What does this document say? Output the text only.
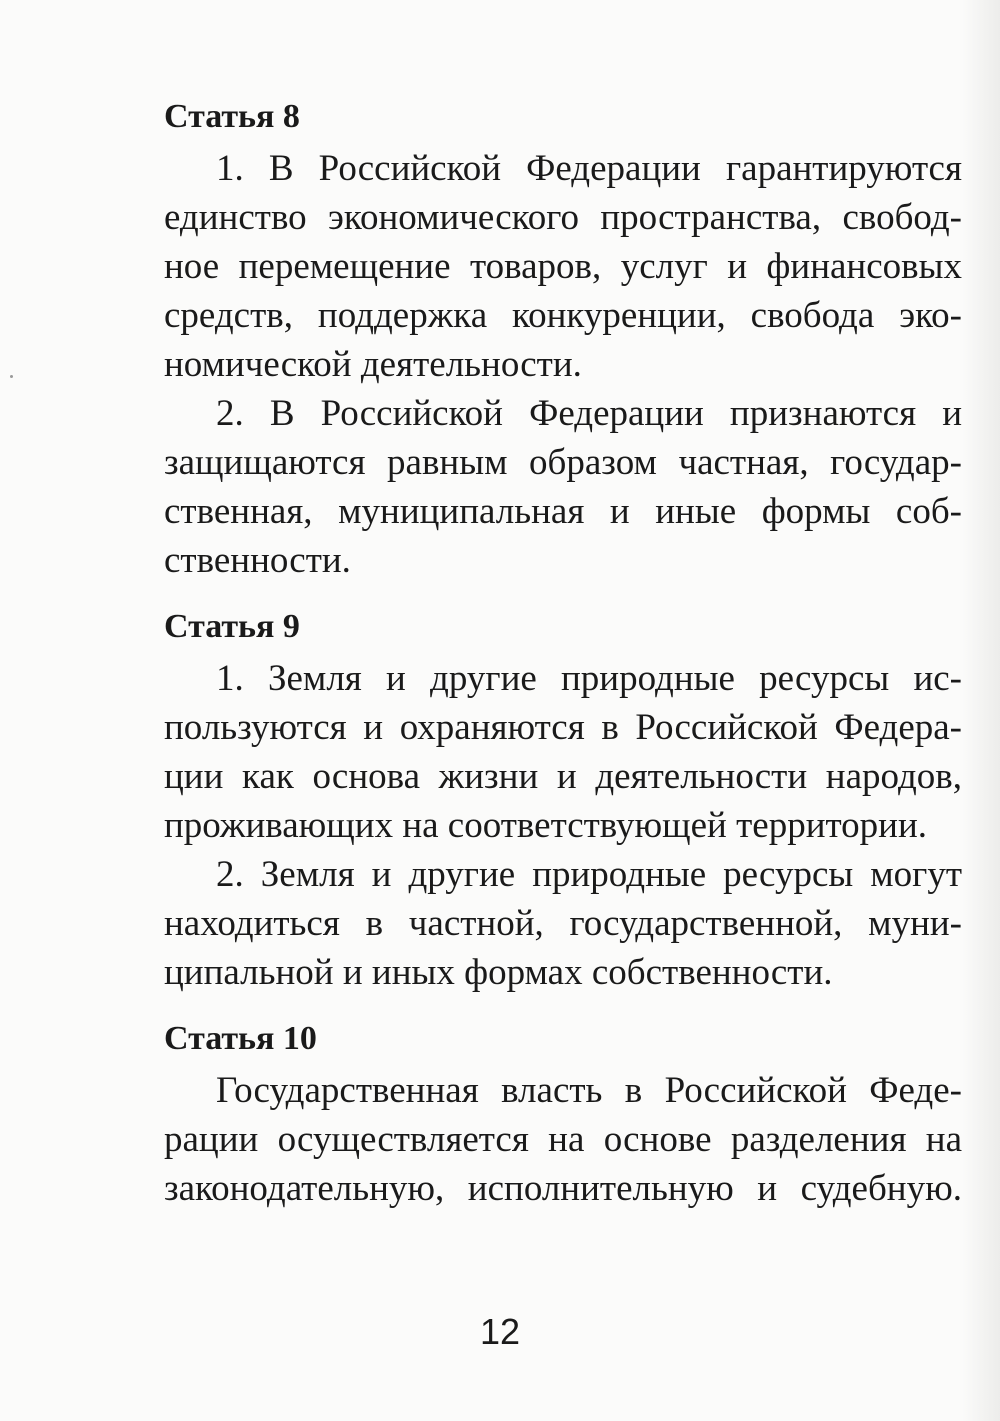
Статья 8
1. В Российской Федерации гарантируются
единство экономического пространства, свобод-
ное перемещение товаров, услуг и финансовых
средств, поддержка конкуренции, свобода эко-
номической деятельности.
2. В Российской Федерации признаются и
защищаются равным образом частная, государ-
ственная, муниципальная и иные формы соб-
ственности.
Статья 9
1. Земля и другие природные ресурсы ис-
пользуются и охраняются в Российской Федера-
ции как основа жизни и деятельности народов,
проживающих на соответствующей территории.
2. Земля и другие природные ресурсы могут
находиться в частной, государственной, муни-
ципальной и иных формах собственности.
Статья 10
Государственная власть в Российской Феде-
рации осуществляется на основе разделения на
законодательную, исполнительную и судебную.
12
